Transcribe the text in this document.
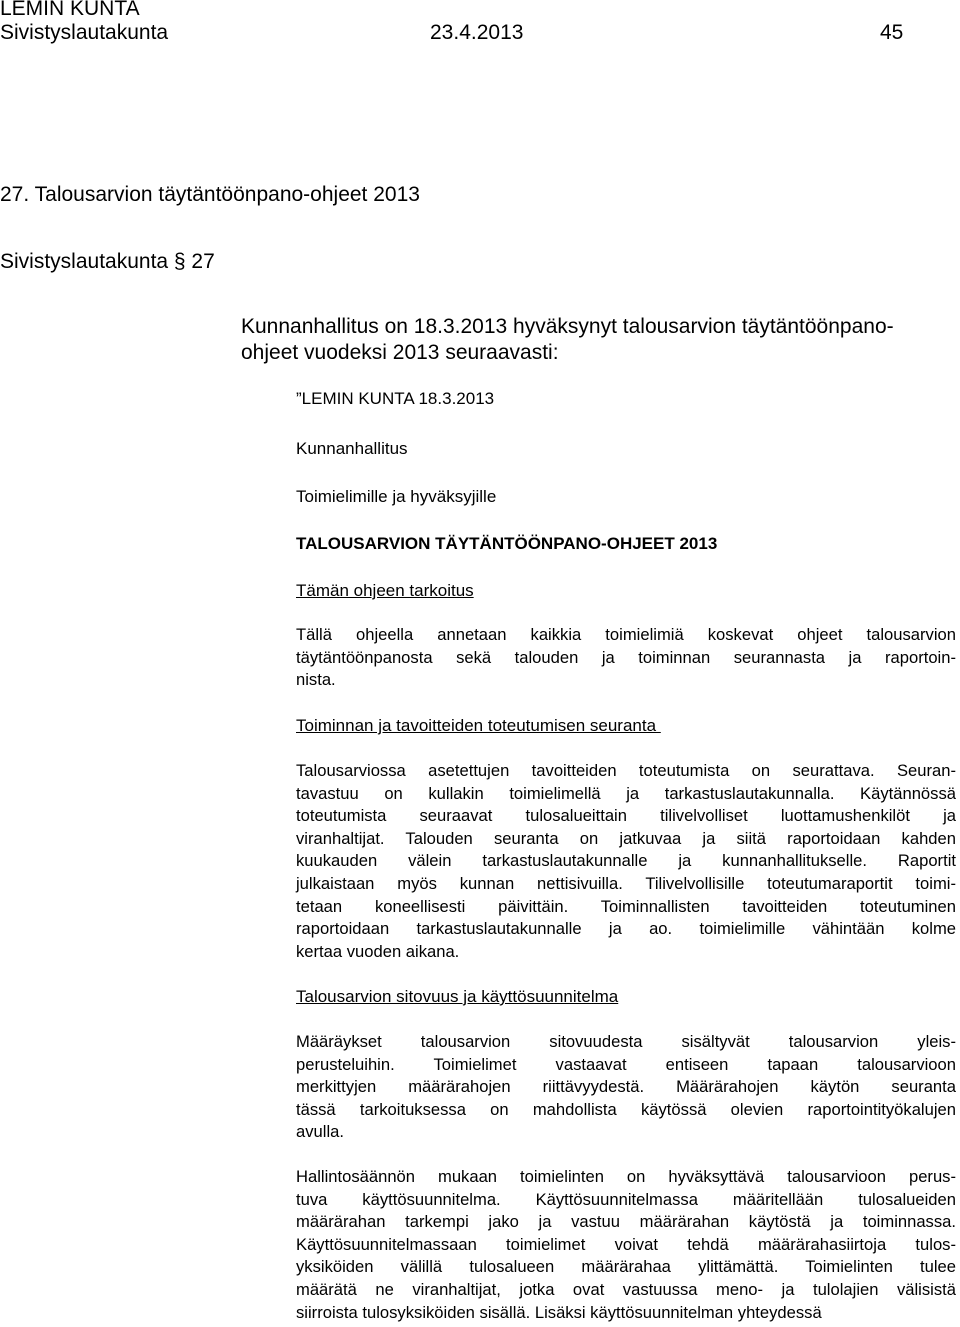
LEMIN KUNTA
Sivistyslautakunta	23.4.2013	45
27. Talousarvion täytäntöönpano-ohjeet 2013
Sivistyslautakunta § 27
Kunnanhallitus on 18.3.2013 hyväksynyt talousarvion täytäntöönpano-
ohjeet vuodeksi 2013 seuraavasti:
”LEMIN KUNTA 18.3.2013
Kunnanhallitus
Toimielimille ja hyväksyjille
TALOUSARVION TÄYTÄNTÖÖNPANO-OHJEET 2013
Tämän ohjeen tarkoitus
Tällä ohjeella annetaan kaikkia toimielimiä koskevat ohjeet talousarvion
täytäntöönpanosta sekä talouden ja toiminnan seurannasta ja raportoin-
nista.
Toiminnan ja tavoitteiden toteutumisen seuranta
Talousarviossa asetettujen tavoitteiden toteutumista on seurattava. Seuran-
tavastuu on kullakin toimielimellä ja tarkastuslautakunnalla. Käytännössä
toteutumista seuraavat tulosalueittain tilivelvolliset luottamushenkilöt ja
viranhaltijat. Talouden seuranta on jatkuvaa ja siitä raportoidaan kahden
kuukauden välein tarkastuslautakunnalle ja kunnanhallitukselle. Raportit
julkaistaan myös kunnan nettisivuilla. Tilivelvollisille toteutumaraportit toimi-
tetaan koneellisesti päivittäin. Toiminnallisten tavoitteiden toteutuminen
raportoidaan tarkastuslautakunnalle ja ao. toimielimille vähintään kolme
kertaa vuoden aikana.
Talousarvion sitovuus ja käyttösuunnitelma
Määräykset talousarvion sitovuudesta sisältyvät talousarvion yleis-
perusteluihin. Toimielimet vastaavat entiseen tapaan talousarvioon
merkittyjen määrärahojen riittävyydestä. Määrärahojen käytön seuranta
tässä tarkoituksessa on mahdollista käytössä olevien raportointityökalujen
avulla.
Hallintosäännön mukaan toimielinten on hyväksyttävä talousarvioon perus-
tuva käyttösuunnitelma. Käyttösuunnitelmassa määritellään tulosalueiden
määrärahan tarkempi jako ja vastuu määrärahan käytöstä ja toiminnassa.
Käyttösuunnitelmassaan toimielimet voivat tehdä määrärahasiirtoja tulos-
yksiköiden välillä tulosalueen määrärahaa ylittämättä. Toimielinten tulee
määrätä ne viranhaltijat, jotka ovat vastuussa meno- ja tulolajien välisistä
siirroista tulosyksiköiden sisällä. Lisäksi käyttösuunnitelman yhteydessä
